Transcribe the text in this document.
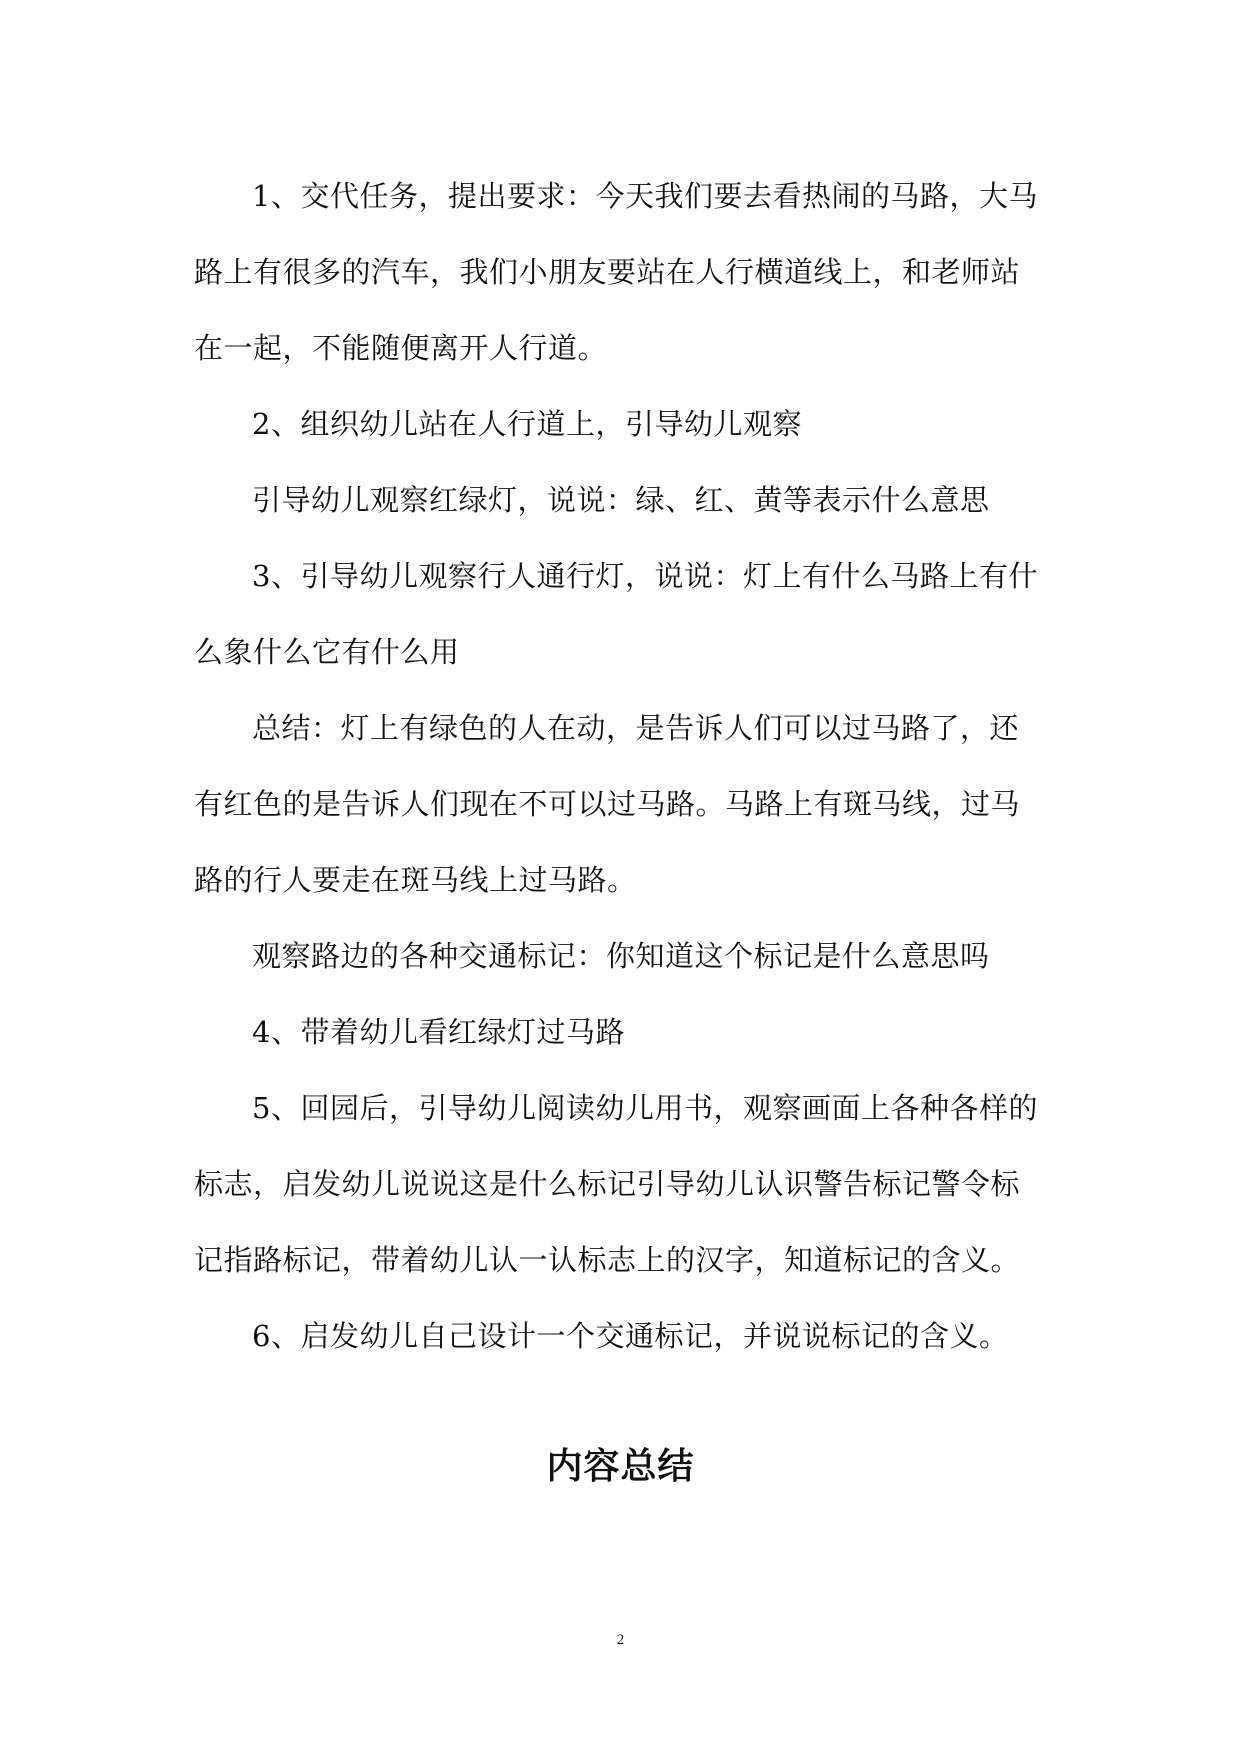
1、交代任务，提出要求：今天我们要去看热闹的马路，大马路上有很多的汽车，我们小朋友要站在人行横道线上，和老师站在一起，不能随便离开人行道。

2、组织幼儿站在人行道上，引导幼儿观察

引导幼儿观察红绿灯，说说：绿、红、黄等表示什么意思

3、引导幼儿观察行人通行灯，说说：灯上有什么马路上有什么象什么它有什么用

总结：灯上有绿色的人在动，是告诉人们可以过马路了，还有红色的是告诉人们现在不可以过马路。马路上有斑马线，过马路的行人要走在斑马线上过马路。

观察路边的各种交通标记：你知道这个标记是什么意思吗

4、带着幼儿看红绿灯过马路

5、回园后，引导幼儿阅读幼儿用书，观察画面上各种各样的标志，启发幼儿说说这是什么标记引导幼儿认识警告标记警令标记指路标记，带着幼儿认一认标志上的汉字，知道标记的含义。

6、启发幼儿自己设计一个交通标记，并说说标记的含义。

内容总结
2
